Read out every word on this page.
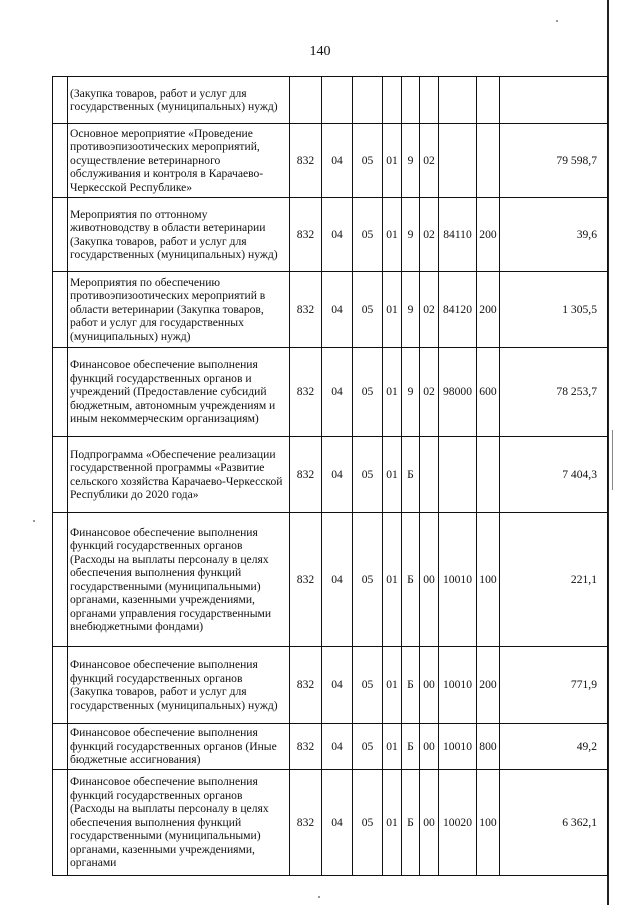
140
	(Закупка товаров, работ и услуг для государственных (муниципальных) нужд)									
	Основное мероприятие «Проведение противоэпизоотических мероприятий, осуществление ветеринарного обслуживания и контроля в Карачаево-Черкесской Республике»	832	04	05	01	9	02			79 598,7
	Мероприятия по оттонному животноводству в области ветеринарии (Закупка товаров, работ и услуг для государственных (муниципальных) нужд)	832	04	05	01	9	02	84110	200	39,6
	Мероприятия по обеспечению противоэпизоотических мероприятий в области ветеринарии (Закупка товаров, работ и услуг для государственных (муниципальных) нужд)	832	04	05	01	9	02	84120	200	1 305,5
	Финансовое обеспечение выполнения функций государственных органов и учреждений (Предоставление субсидий бюджетным, автономным учреждениям и иным некоммерческим организациям)	832	04	05	01	9	02	98000	600	78 253,7
	Подпрограмма «Обеспечение реализации государственной программы «Развитие сельского хозяйства Карачаево-Черкесской Республики до 2020 года»	832	04	05	01	Б				7 404,3
	Финансовое обеспечение выполнения функций государственных органов (Расходы на выплаты персоналу в целях обеспечения выполнения функций государственными (муниципальными) органами, казенными учреждениями, органами управления государственными внебюджетными фондами)	832	04	05	01	Б	00	10010	100	221,1
	Финансовое обеспечение выполнения функций государственных органов (Закупка товаров, работ и услуг для государственных (муниципальных) нужд)	832	04	05	01	Б	00	10010	200	771,9
	Финансовое обеспечение выполнения функций государственных органов (Иные бюджетные ассигнования)	832	04	05	01	Б	00	10010	800	49,2
	Финансовое обеспечение выполнения функций государственных органов (Расходы на выплаты персоналу в целях обеспечения выполнения функций государственными (муниципальными) органами, казенными учреждениями, органами	832	04	05	01	Б	00	10020	100	6 362,1
